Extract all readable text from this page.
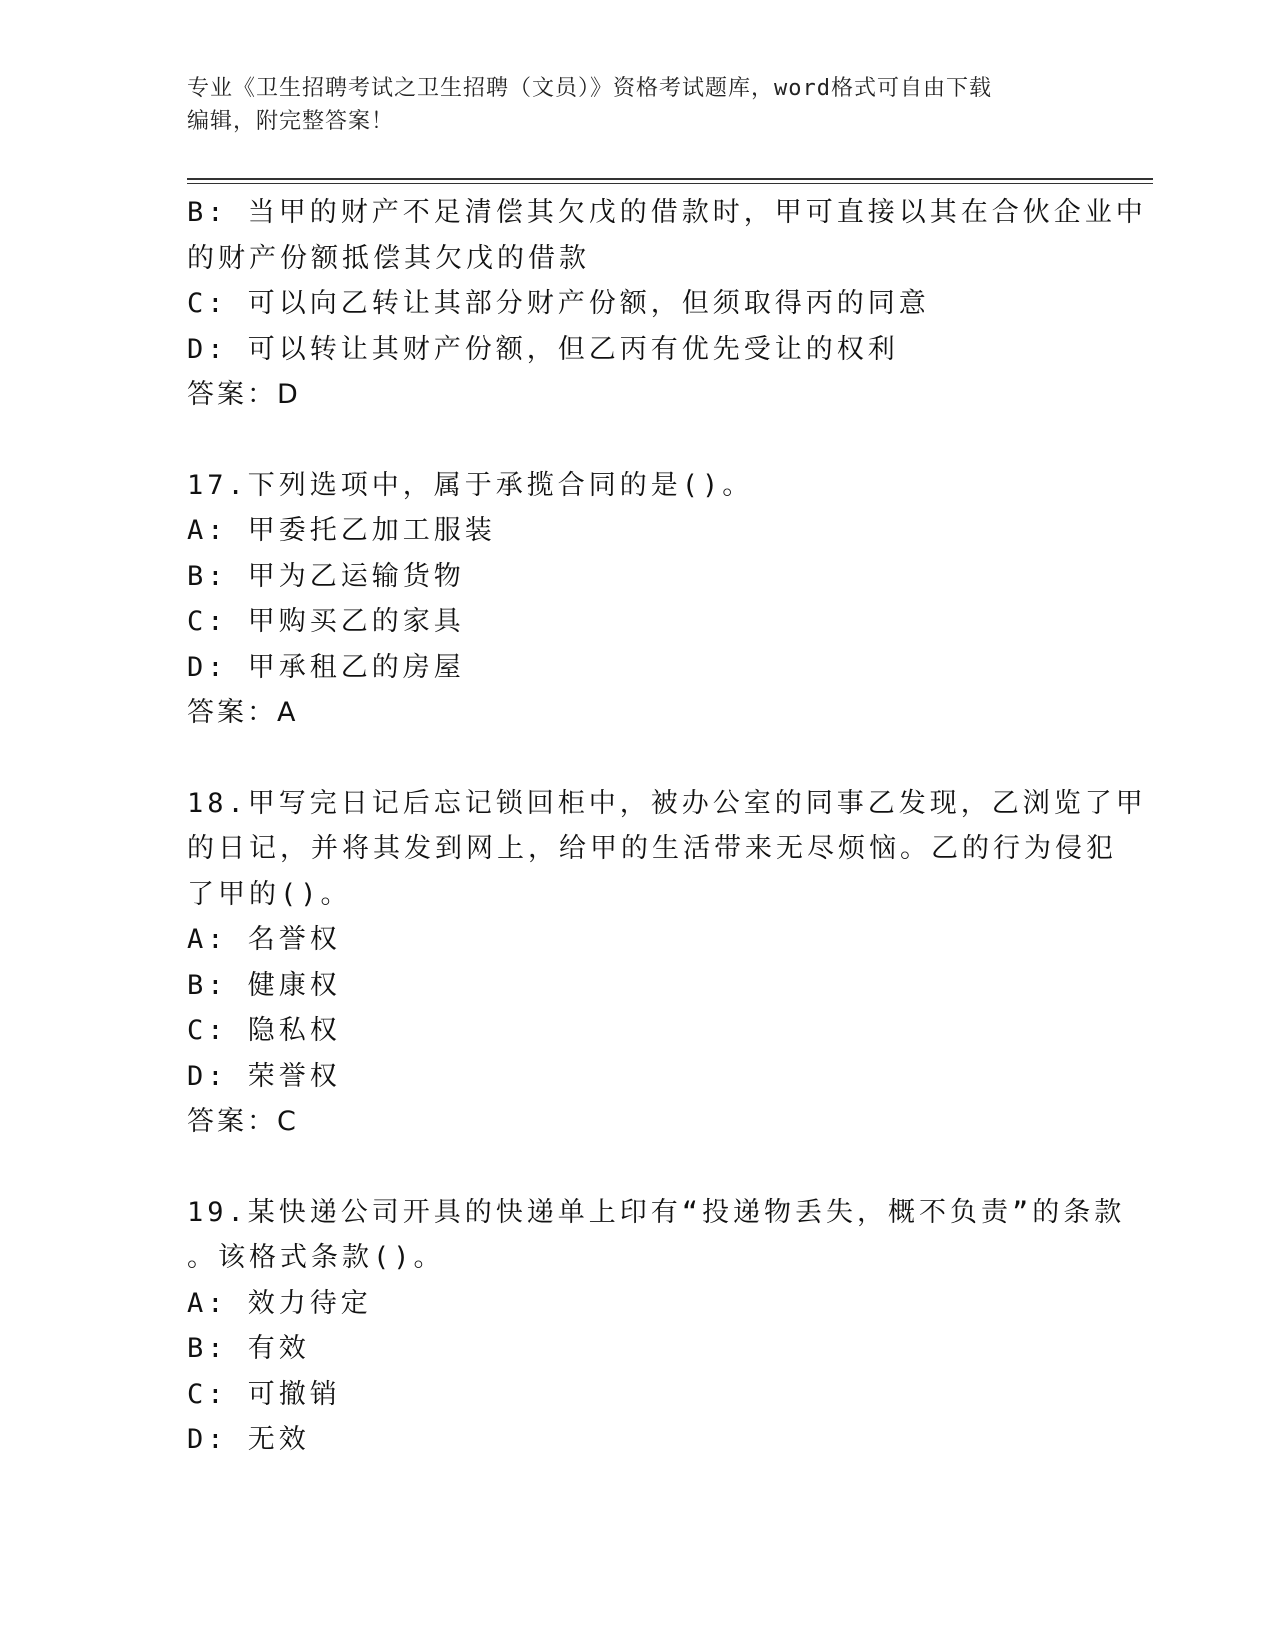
专业《卫生招聘考试之卫生招聘（文员）》资格考试题库，word格式可自由下载
编辑，附完整答案！
B: 当甲的财产不足清偿其欠戊的借款时，甲可直接以其在合伙企业中
的财产份额抵偿其欠戊的借款
C: 可以向乙转让其部分财产份额，但须取得丙的同意
D: 可以转让其财产份额，但乙丙有优先受让的权利
答案：D
17.下列选项中，属于承揽合同的是()。
A: 甲委托乙加工服装
B: 甲为乙运输货物
C: 甲购买乙的家具
D: 甲承租乙的房屋
答案：A
18.甲写完日记后忘记锁回柜中，被办公室的同事乙发现，乙浏览了甲
的日记，并将其发到网上，给甲的生活带来无尽烦恼。乙的行为侵犯
了甲的()。
A: 名誉权
B: 健康权
C: 隐私权
D: 荣誉权
答案：C
19.某快递公司开具的快递单上印有“投递物丢失，概不负责”的条款
。该格式条款()。
A: 效力待定
B: 有效
C: 可撤销
D: 无效
